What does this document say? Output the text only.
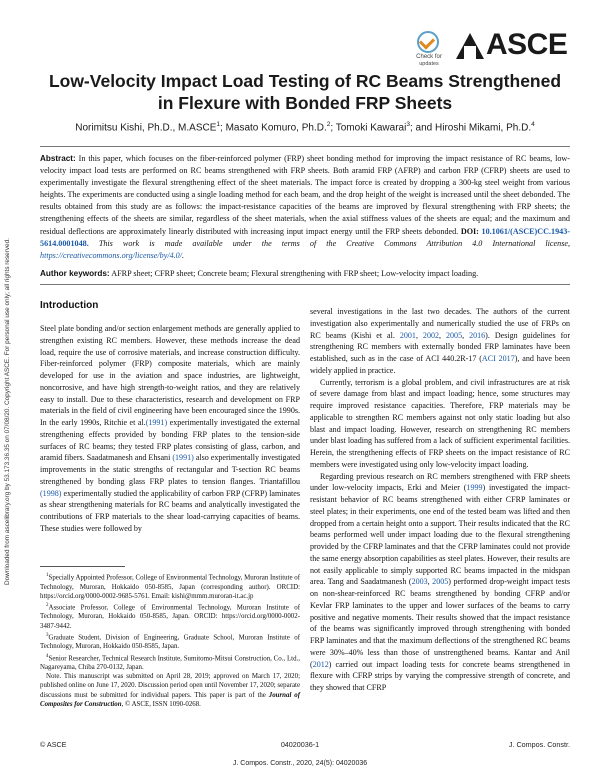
Downloaded from ascelibrary.org by 53.173.36.35 on 07/08/20. Copyright ASCE. For personal use only; all rights reserved.
Check for
updates
ASCE
Low-Velocity Impact Load Testing of RC Beams Strengthened in Flexure with Bonded FRP Sheets
Norimitsu Kishi, Ph.D., M.ASCE$^1$; Masato Komuro, Ph.D.$^2$; Tomoki Kawarai$^3$; and Hiroshi Mikami, Ph.D.$^4$
Abstract: In this paper, which focuses on the fiber-reinforced polymer (FRP) sheet bonding method for improving the impact resistance of RC beams, low-velocity impact load tests are performed on RC beams strengthened with FRP sheets. Both aramid FRP (AFRP) and carbon FRP (CFRP) sheets are used to experimentally investigate the flexural strengthening effect of the sheet materials. The impact force is created by dropping a 300-kg steel weight from various heights. The experiments are conducted using a single loading method for each beam, and the drop height of the weight is increased until the sheet debonded. The results obtained from this study are as follows: the impact-resistance capacities of the beams are improved by flexural strengthening with FRP sheets; the strengthening effects of the sheets are similar, regardless of the sheet materials, when the axial stiffness values of the sheets are equal; and the maximum and residual deflections are approximately linearly distributed with increasing input impact energy until the FRP sheets debonded. DOI: 10.1061/(ASCE)CC.1943-5614.0001048. This work is made available under the terms of the Creative Commons Attribution 4.0 International license, https://creativecommons.org/license/by/4.0/.
Author keywords: AFRP sheet; CFRP sheet; Concrete beam; Flexural strengthening with FRP sheet; Low-velocity impact loading.
Introduction

Steel plate bonding and/or section enlargement methods are generally applied to strengthen existing RC members. However, these methods increase the dead load, require the use of corrosive materials, and increase construction difficulty. Fiber-reinforced polymer (FRP) composite materials, which are mainly developed for use in the aviation and space industries, are lightweight, noncorrosive, and have high strength-to-weight ratios, and they are relatively easy to install. Due to these characteristics, research and development on FRP materials in the field of civil engineering have been encouraged since the 1990s. In the early 1990s, Ritchie et al.(1991) experimentally investigated the external strengthening effects provided by bonding FRP plates to the tension-side surfaces of RC beams; they tested FRP plates consisting of glass, carbon, and aramid fibers. Saadatmanesh and Ehsani (1991) also experimentally investigated improvements in the static strengths of rectangular and T-section RC beams strengthened by bonding glass FRP plates to tension flanges. Triantafillou (1998) experimentally studied the applicability of carbon FRP (CFRP) laminates as shear strengthening materials for RC beams and analytically investigated the contributions of FRP materials to the shear load-carrying capacities of beams. These studies were followed by

$^1$Specially Appointed Professor, College of Environmental Technology, Muroran Institute of Technology, Muroran, Hokkaido 050-8585, Japan (corresponding author). ORCID: https://orcid.org/0000-0002-9685-5761. Email: kishi@mmm.muroran-it.ac.jp

$^2$Associate Professor, College of Environmental Technology, Muroran Institute of Technology, Muroran, Hokkaido 050-8585, Japan. ORCID: https://orcid.org/0000-0002-3487-9442.

$^3$Graduate Student, Division of Engineering, Graduate School, Muroran Institute of Technology, Muroran, Hokkaido 050-8585, Japan.

$^4$Senior Researcher, Technical Research Institute, Sumitomo-Mitsui Construction, Co., Ltd., Nagareyama, Chiba 270-0132, Japan.

Note. This manuscript was submitted on April 28, 2019; approved on March 17, 2020; published online on June 17, 2020. Discussion period open until November 17, 2020; separate discussions must be submitted for individual papers. This paper is part of the Journal of Composites for Construction, © ASCE, ISSN 1090-0268.

several investigations in the last two decades. The authors of the current investigation also experimentally and numerically studied the use of FRPs on RC beams (Kishi et al. 2001, 2002, 2005, 2016). Design guidelines for strengthening RC members with externally bonded FRP laminates have been established, such as in the case of ACI 440.2R-17 (ACI 2017), and have been widely applied in practice.

Currently, terrorism is a global problem, and civil infrastructures are at risk of severe damage from blast and impact loading; hence, some structures may require improved resistance capacities. Therefore, FRP materials may be applicable to strengthen RC members against not only static loading but also blast and impact loading. However, research on strengthening RC members under blast loading has suffered from a lack of sufficient experimental facilities. Herein, the strengthening effects of FRP sheets on the impact resistance of RC members were investigated using only low-velocity impact loading.

Regarding previous research on RC members strengthened with FRP sheets under low-velocity impacts, Erki and Meier (1999) investigated the impact-resistant behavior of RC beams strengthened with either CFRP laminates or steel plates; in their experiments, one end of the tested beam was lifted and then dropped from a certain height onto a support. Their results indicated that the RC beams performed well under impact loading due to the flexural strengthening provided by the CFRP laminates and that the CFRP laminates could not provide the same energy absorption capabilities as steel plates. However, their results are not easily applicable to simply supported RC beams impacted in the midspan area. Tang and Saadatmanesh (2003, 2005) performed drop-weight impact tests on non-shear-reinforced RC beams strengthened by bonding CFRP and/or Kevlar FRP laminates to the upper and lower surfaces of the beams to carry positive and negative moments. Their results showed that the impact resistance of the beams was significantly improved through strengthening with bonded FRP laminates and that the maximum deflections of the strengthened RC beams were 30%–40% less than those of unstrengthened beams. Kantar and Anil (2012) carried out impact loading tests for concrete beams strengthened in flexure with CFRP strips by varying the compressive strength of concrete, and they showed that CFRP

© ASCE	04020036-1	J. Compos. Constr.
J. Compos. Constr., 2020, 24(5): 04020036
